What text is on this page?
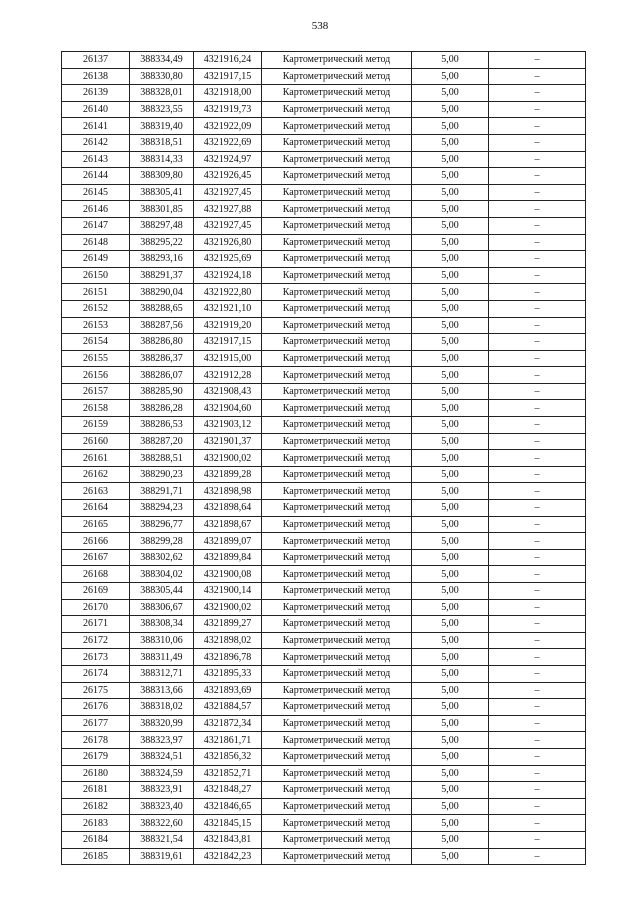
538
26137	388334,49	4321916,24	Картометрический метод	5,00	–
26138	388330,80	4321917,15	Картометрический метод	5,00	–
26139	388328,01	4321918,00	Картометрический метод	5,00	–
26140	388323,55	4321919,73	Картометрический метод	5,00	–
26141	388319,40	4321922,09	Картометрический метод	5,00	–
26142	388318,51	4321922,69	Картометрический метод	5,00	–
26143	388314,33	4321924,97	Картометрический метод	5,00	–
26144	388309,80	4321926,45	Картометрический метод	5,00	–
26145	388305,41	4321927,45	Картометрический метод	5,00	–
26146	388301,85	4321927,88	Картометрический метод	5,00	–
26147	388297,48	4321927,45	Картометрический метод	5,00	–
26148	388295,22	4321926,80	Картометрический метод	5,00	–
26149	388293,16	4321925,69	Картометрический метод	5,00	–
26150	388291,37	4321924,18	Картометрический метод	5,00	–
26151	388290,04	4321922,80	Картометрический метод	5,00	–
26152	388288,65	4321921,10	Картометрический метод	5,00	–
26153	388287,56	4321919,20	Картометрический метод	5,00	–
26154	388286,80	4321917,15	Картометрический метод	5,00	–
26155	388286,37	4321915,00	Картометрический метод	5,00	–
26156	388286,07	4321912,28	Картометрический метод	5,00	–
26157	388285,90	4321908,43	Картометрический метод	5,00	–
26158	388286,28	4321904,60	Картометрический метод	5,00	–
26159	388286,53	4321903,12	Картометрический метод	5,00	–
26160	388287,20	4321901,37	Картометрический метод	5,00	–
26161	388288,51	4321900,02	Картометрический метод	5,00	–
26162	388290,23	4321899,28	Картометрический метод	5,00	–
26163	388291,71	4321898,98	Картометрический метод	5,00	–
26164	388294,23	4321898,64	Картометрический метод	5,00	–
26165	388296,77	4321898,67	Картометрический метод	5,00	–
26166	388299,28	4321899,07	Картометрический метод	5,00	–
26167	388302,62	4321899,84	Картометрический метод	5,00	–
26168	388304,02	4321900,08	Картометрический метод	5,00	–
26169	388305,44	4321900,14	Картометрический метод	5,00	–
26170	388306,67	4321900,02	Картометрический метод	5,00	–
26171	388308,34	4321899,27	Картометрический метод	5,00	–
26172	388310,06	4321898,02	Картометрический метод	5,00	–
26173	388311,49	4321896,78	Картометрический метод	5,00	–
26174	388312,71	4321895,33	Картометрический метод	5,00	–
26175	388313,66	4321893,69	Картометрический метод	5,00	–
26176	388318,02	4321884,57	Картометрический метод	5,00	–
26177	388320,99	4321872,34	Картометрический метод	5,00	–
26178	388323,97	4321861,71	Картометрический метод	5,00	–
26179	388324,51	4321856,32	Картометрический метод	5,00	–
26180	388324,59	4321852,71	Картометрический метод	5,00	–
26181	388323,91	4321848,27	Картометрический метод	5,00	–
26182	388323,40	4321846,65	Картометрический метод	5,00	–
26183	388322,60	4321845,15	Картометрический метод	5,00	–
26184	388321,54	4321843,81	Картометрический метод	5,00	–
26185	388319,61	4321842,23	Картометрический метод	5,00	–
